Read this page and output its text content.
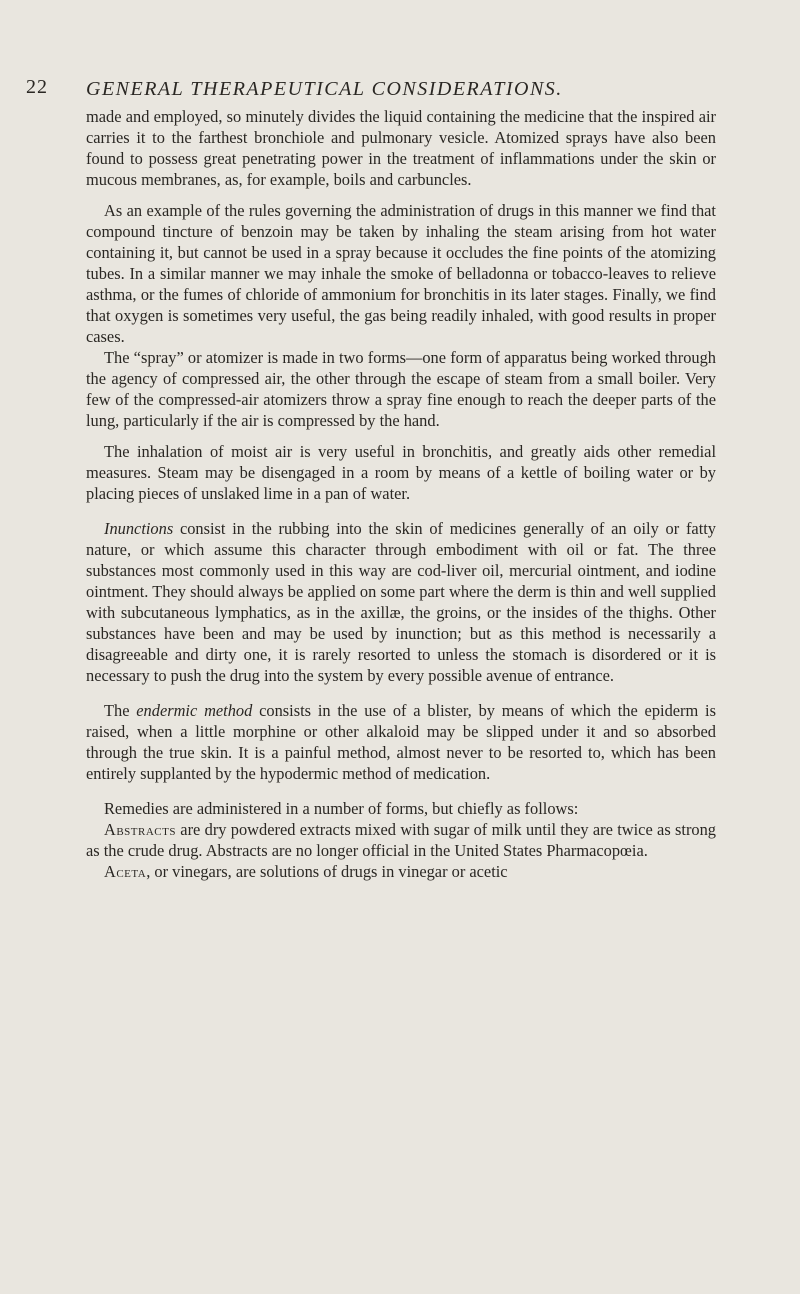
22 GENERAL THERAPEUTICAL CONSIDERATIONS.

made and employed, so minutely divides the liquid containing the medicine that the inspired air carries it to the farthest bronchiole and pulmonary vesicle. Atomized sprays have also been found to possess great penetrating power in the treatment of inflammations under the skin or mucous membranes, as, for example, boils and carbuncles.

As an example of the rules governing the administration of drugs in this manner we find that compound tincture of benzoin may be taken by inhaling the steam arising from hot water containing it, but cannot be used in a spray because it occludes the fine points of the atomizing tubes. In a similar manner we may inhale the smoke of belladonna or tobacco-leaves to relieve asthma, or the fumes of chloride of ammonium for bronchitis in its later stages. Finally, we find that oxygen is sometimes very useful, the gas being readily inhaled, with good results in proper cases.

The “spray” or atomizer is made in two forms—one form of apparatus being worked through the agency of compressed air, the other through the escape of steam from a small boiler. Very few of the compressed-air atomizers throw a spray fine enough to reach the deeper parts of the lung, particularly if the air is compressed by the hand.

The inhalation of moist air is very useful in bronchitis, and greatly aids other remedial measures. Steam may be disengaged in a room by means of a kettle of boiling water or by placing pieces of unslaked lime in a pan of water.

Inunctions consist in the rubbing into the skin of medicines generally of an oily or fatty nature, or which assume this character through embodiment with oil or fat. The three substances most commonly used in this way are cod-liver oil, mercurial ointment, and iodine ointment. They should always be applied on some part where the derm is thin and well supplied with subcutaneous lymphatics, as in the axillæ, the groins, or the insides of the thighs. Other substances have been and may be used by inunction; but as this method is necessarily a disagreeable and dirty one, it is rarely resorted to unless the stomach is disordered or it is necessary to push the drug into the system by every possible avenue of entrance.

The endermic method consists in the use of a blister, by means of which the epiderm is raised, when a little morphine or other alkaloid may be slipped under it and so absorbed through the true skin. It is a painful method, almost never to be resorted to, which has been entirely supplanted by the hypodermic method of medication.

Remedies are administered in a number of forms, but chiefly as follows:

Abstracts are dry powdered extracts mixed with sugar of milk until they are twice as strong as the crude drug. Abstracts are no longer official in the United States Pharmacopœia.

Aceta, or vinegars, are solutions of drugs in vinegar or acetic
